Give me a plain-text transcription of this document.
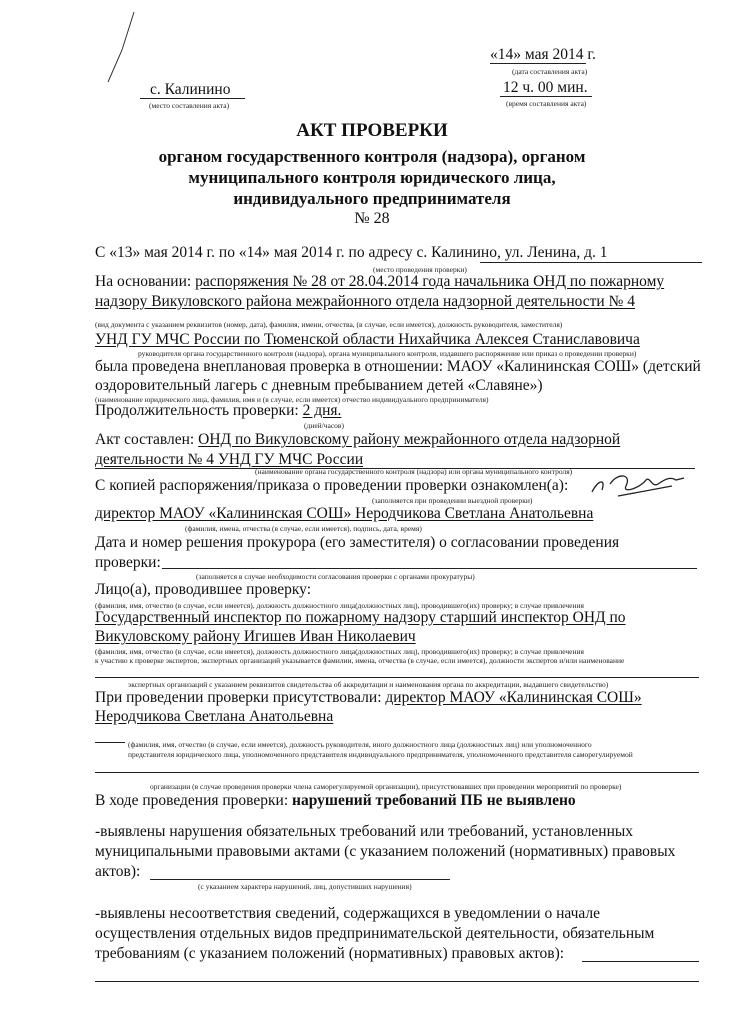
«14» мая 2014 г.
(дата составления акта)
с. Калинино
(место составления акта)
12 ч. 00 мин.
(время составления акта)
АКТ ПРОВЕРКИ
органом государственного контроля (надзора), органом
муниципального контроля юридического лица,
индивидуального предпринимателя
№ 28
С «13» мая 2014 г. по «14» мая 2014 г. по адресу с. Калинино, ул. Ленина, д. 1
(место проведения проверки)
На основании: распоряжения № 28 от 28.04.2014 года начальника ОНД по пожарному
надзору Викуловского района межрайонного отдела надзорной деятельности № 4
(вид документа с указанием реквизитов (номер, дата), фамилия, имени, отчества, (в случае, если имеется), должность руководителя, заместителя)
УНД ГУ МЧС России по Тюменской области Нихайчика Алексея Станиславовича
руководителя органа государственного контроля (надзора), органа муниципального контроля, издавшего распоряжение или приказ о проведении проверки)
была проведена внеплановая проверка в отношении: МАОУ «Калининская СОШ» (детский
оздоровительный лагерь с дневным пребыванием детей «Славяне»)
(наименование юридического лица, фамилия, имя и (в случае, если имеется) отчество индивидуального предпринимателя)
Продолжительность проверки: 2 дня.
(дней/часов)
Акт составлен: ОНД по Викуловскому району межрайонного отдела надзорной
деятельности № 4 УНД ГУ МЧС России
(наименование органа государственного контроля (надзора) или органа муниципального контроля)
С копией распоряжения/приказа о проведении проверки ознакомлен(а):
(заполняется при проведении выездной проверки)
директор МАОУ «Калининская СОШ» Неродчикова Светлана Анатольевна
(фамилия, имена, отчества (в случае, если имеется), подпись, дата, время)
Дата и номер решения прокурора (его заместителя) о согласовании проведения
проверки:
(заполняется в случае необходимости согласования проверки с органами прокуратуры)
Лицо(а), проводившее проверку:
(фамилия, имя, отчество (в случае, если имеется), должность должностного лица(должностных лиц), проводившего(их) проверку; в случае привлечения
Государственный инспектор по пожарному надзору старший инспектор ОНД по
Викуловскому району Игишев Иван Николаевич
(фамилия, имя, отчество (в случае, если имеется), должность должностного лица(должностных лиц), проводившего(их) проверку; в случае привлечения
к участию к проверке экспертов, экспертных организаций указывается фамилии, имена, отчества (в случае, если имеется), должности экспертов и/или наименование
экспертных организаций с указанием реквизитов свидетельства об аккредитации и наименования органа по аккредитации, выдавшего свидетельство)
При проведении проверки присутствовали: директор МАОУ «Калининская СОШ»
Неродчикова Светлана Анатольевна
(фамилия, имя, отчество (в случае, если имеется), должность руководителя, иного должностного лица (должностных лиц) или уполномоченного
представителя юридического лица, уполномоченного представителя индивидуального предпринимателя, уполномоченного представителя саморегулируемой
организации (в случае проведения проверки члена саморегулируемой организации), присутствовавших при проведении мероприятий по проверке)
В ходе проведения проверки: нарушений требований ПБ не выявлено
-выявлены нарушения обязательных требований или требований, установленных
муниципальными правовыми актами (с указанием положений (нормативных) правовых
актов):
(с указанием характера нарушений, лиц, допустивших нарушения)
-выявлены несоответствия сведений, содержащихся в уведомлении о начале
осуществления отдельных видов предпринимательской деятельности, обязательным
требованиям (с указанием положений (нормативных) правовых актов):
